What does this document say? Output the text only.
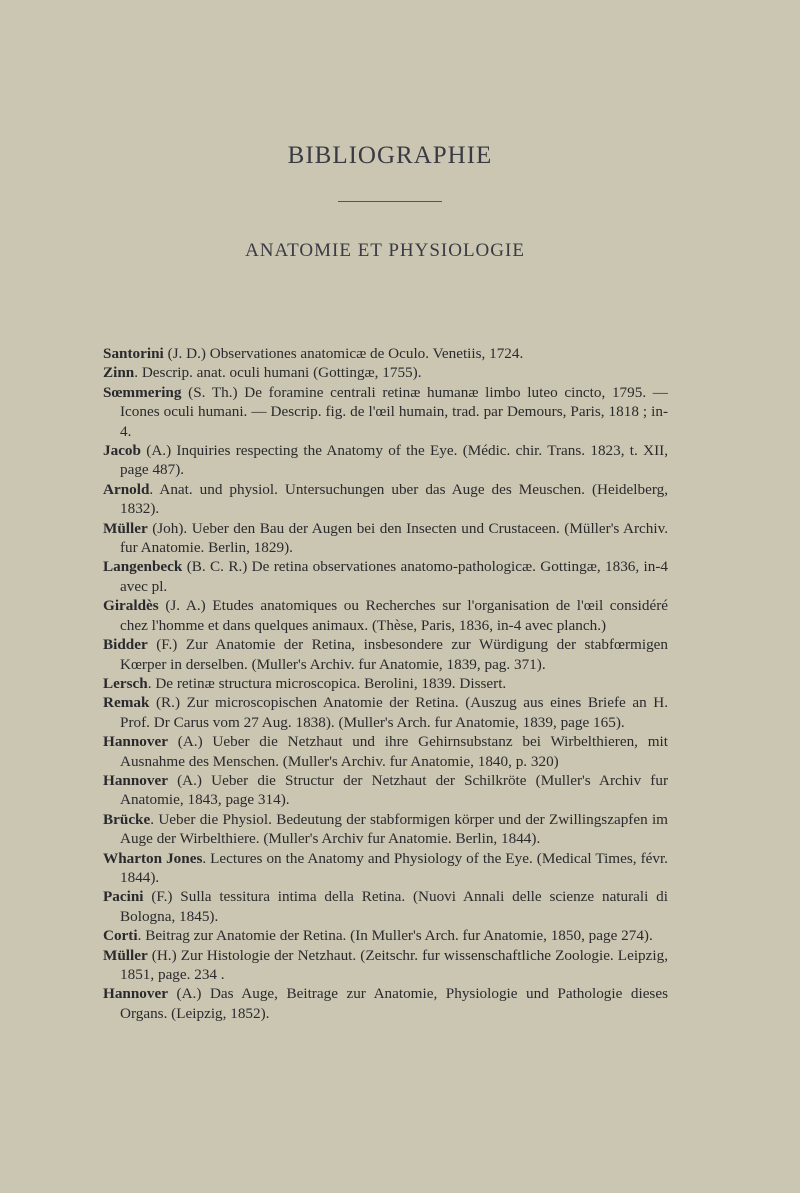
BIBLIOGRAPHIE
ANATOMIE ET PHYSIOLOGIE

Santorini (J. D.) Observationes anatomicæ de Oculo. Venetiis, 1724.

Zinn. Descrip. anat. oculi humani (Gottingæ, 1755).

Sœmmering (S. Th.) De foramine centrali retinæ humanæ limbo luteo cincto, 1795. — Icones oculi humani. — Descrip. fig. de l'œil humain, trad. par Demours, Paris, 1818 ; in-4.

Jacob (A.) Inquiries respecting the Anatomy of the Eye. (Médic. chir. Trans. 1823, t. XII, page 487).

Arnold. Anat. und physiol. Untersuchungen uber das Auge des Meuschen. (Heidelberg, 1832).

Müller (Joh). Ueber den Bau der Augen bei den Insecten und Crustaceen. (Müller's Archiv. fur Anatomie. Berlin, 1829).

Langenbeck (B. C. R.) De retina observationes anatomo-pathologicæ. Gottingæ, 1836, in-4 avec pl.

Giraldès (J. A.) Etudes anatomiques ou Recherches sur l'organisation de l'œil considéré chez l'homme et dans quelques animaux. (Thèse, Paris, 1836, in-4 avec planch.)

Bidder (F.) Zur Anatomie der Retina, insbesondere zur Würdigung der stabfœrmigen Kœrper in derselben. (Muller's Archiv. fur Anatomie, 1839, pag. 371).

Lersch. De retinæ structura microscopica. Berolini, 1839. Dissert.

Remak (R.) Zur microscopischen Anatomie der Retina. (Auszug aus eines Briefe an H. Prof. Dr Carus vom 27 Aug. 1838). (Muller's Arch. fur Anatomie, 1839, page 165).

Hannover (A.) Ueber die Netzhaut und ihre Gehirnsubstanz bei Wirbelthieren, mit Ausnahme des Menschen. (Muller's Archiv. fur Anatomie, 1840, p. 320)

Hannover (A.) Ueber die Structur der Netzhaut der Schilkröte (Muller's Archiv fur Anatomie, 1843, page 314).

Brücke. Ueber die Physiol. Bedeutung der stabformigen körper und der Zwillingszapfen im Auge der Wirbelthiere. (Muller's Archiv fur Anatomie. Berlin, 1844).

Wharton Jones. Lectures on the Anatomy and Physiology of the Eye. (Medical Times, févr. 1844).

Pacini (F.) Sulla tessitura intima della Retina. (Nuovi Annali delle scienze naturali di Bologna, 1845).

Corti. Beitrag zur Anatomie der Retina. (In Muller's Arch. fur Anatomie, 1850, page 274).

Müller (H.) Zur Histologie der Netzhaut. (Zeitschr. fur wissenschaftliche Zoologie. Leipzig, 1851, page. 234 .

Hannover (A.) Das Auge, Beitrage zur Anatomie, Physiologie und Pathologie dieses Organs. (Leipzig, 1852).
